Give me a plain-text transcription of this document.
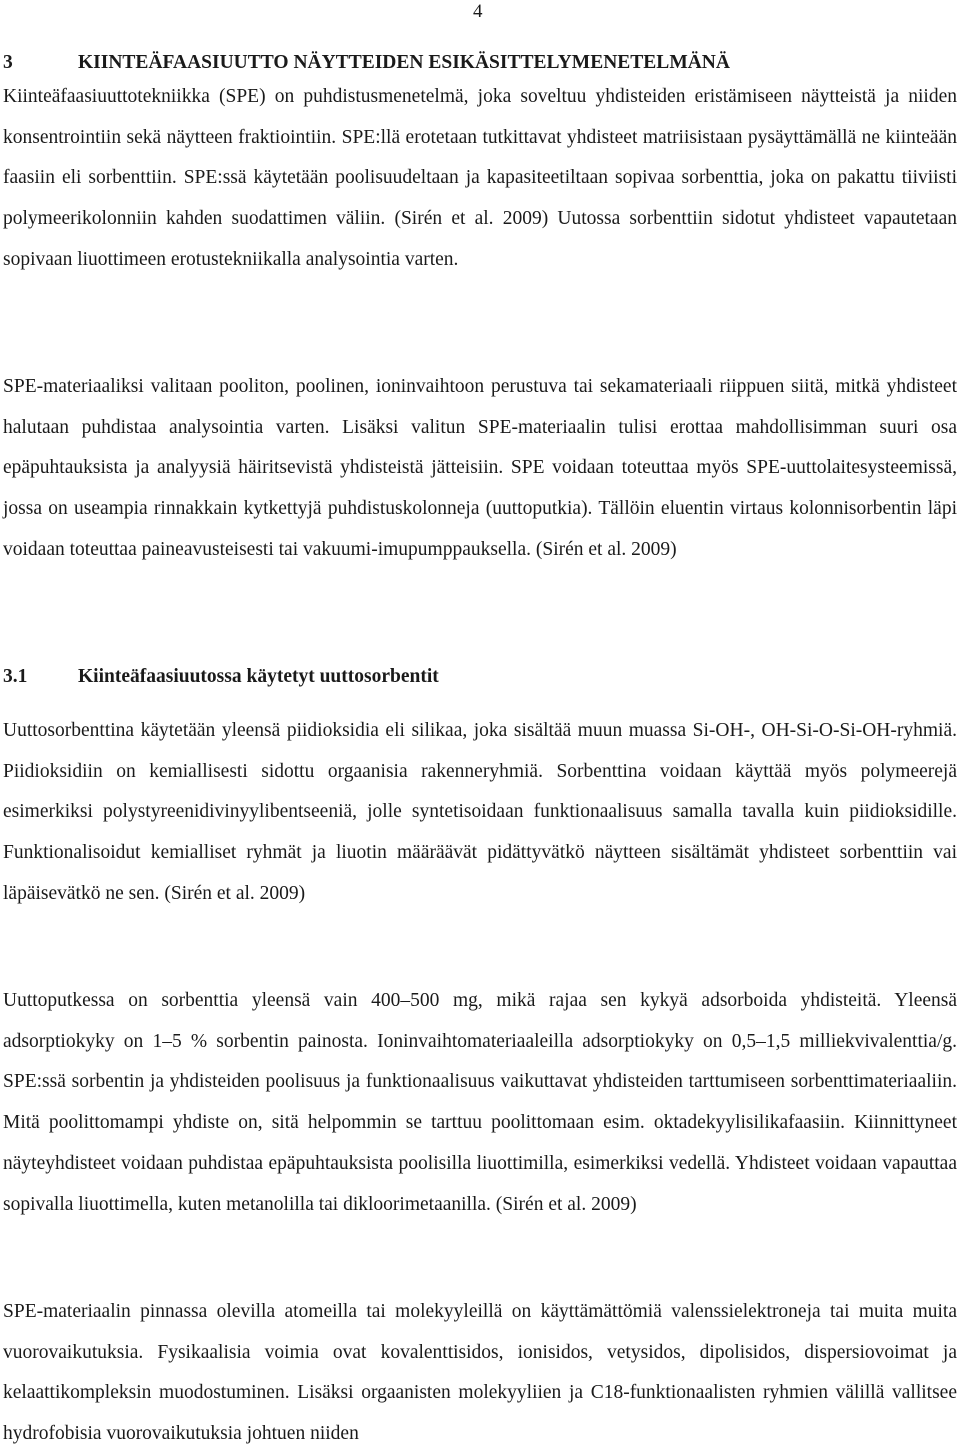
4
3	KIINTEÄFAASIUUTTO NÄYTTEIDEN ESIKÄSITTELYMENETELMÄNÄ

Kiinteäfaasiuuttotekniikka (SPE) on puhdistusmenetelmä, joka soveltuu yhdisteiden eristämiseen näytteistä ja niiden konsentrointiin sekä näytteen fraktiointiin. SPE:llä erotetaan tutkittavat yhdisteet matriisistaan pysäyttämällä ne kiinteään faasiin eli sorbenttiin. SPE:ssä käytetään poolisuudeltaan ja kapasiteetiltaan sopivaa sorbenttia, joka on pakattu tiiviisti polymeerikolonniin kahden suodattimen väliin. (Sirén et al. 2009) Uutossa sorbenttiin sidotut yhdisteet vapautetaan sopivaan liuottimeen erotustekniikalla analysointia varten.

SPE-materiaaliksi valitaan pooliton, poolinen, ioninvaihtoon perustuva tai sekamateriaali riippuen siitä, mitkä yhdisteet halutaan puhdistaa analysointia varten. Lisäksi valitun SPE-materiaalin tulisi erottaa mahdollisimman suuri osa epäpuhtauksista ja analyysiä häiritsevistä yhdisteistä jätteisiin. SPE voidaan toteuttaa myös SPE-uuttolaitesysteemissä, jossa on useampia rinnakkain kytkettyjä puhdistuskolonneja (uuttoputkia). Tällöin eluentin virtaus kolonnisorbentin läpi voidaan toteuttaa paineavusteisesti tai vakuumi-imupumppauksella. (Sirén et al. 2009)

3.1	Kiinteäfaasiuutossa käytetyt uuttosorbentit

Uuttosorbenttina käytetään yleensä piidioksidia eli silikaa, joka sisältää muun muassa Si-OH-, OH-Si-O-Si-OH-ryhmiä. Piidioksidiin on kemiallisesti sidottu orgaanisia rakenneryhmiä. Sorbenttina voidaan käyttää myös polymeerejä esimerkiksi polystyreenidivinyylibentseeniä, jolle syntetisoidaan funktionaalisuus samalla tavalla kuin piidioksidille. Funktionalisoidut kemialliset ryhmät ja liuotin määräävät pidättyvätkö näytteen sisältämät yhdisteet sorbenttiin vai läpäisevätkö ne sen. (Sirén et al. 2009)

Uuttoputkessa on sorbenttia yleensä vain 400–500 mg, mikä rajaa sen kykyä adsorboida yhdisteitä. Yleensä adsorptiokyky on 1–5 % sorbentin painosta. Ioninvaihtomateriaaleilla adsorptiokyky on 0,5–1,5 milliekvivalenttia/g. SPE:ssä sorbentin ja yhdisteiden poolisuus ja funktionaalisuus vaikuttavat yhdisteiden tarttumiseen sorbenttimateriaaliin. Mitä poolittomampi yhdiste on, sitä helpommin se tarttuu poolittomaan esim. oktadekyylisilikafaasiin. Kiinnittyneet näyteyhdisteet voidaan puhdistaa epäpuhtauksista poolisilla liuottimilla, esimerkiksi vedellä. Yhdisteet voidaan vapauttaa sopivalla liuottimella, kuten metanolilla tai dikloorimetaanilla. (Sirén et al. 2009)

SPE-materiaalin pinnassa olevilla atomeilla tai molekyyleillä on käyttämättömiä valenssielektroneja tai muita muita vuorovaikutuksia. Fysikaalisia voimia ovat kovalenttisidos, ionisidos, vetysidos, dipolisidos, dispersiovoimat ja kelaattikompleksin muodostuminen. Lisäksi orgaanisten molekyyliien ja C18-funktionaalisten ryhmien välillä vallitsee hydrofobisia vuorovaikutuksia johtuen niiden
